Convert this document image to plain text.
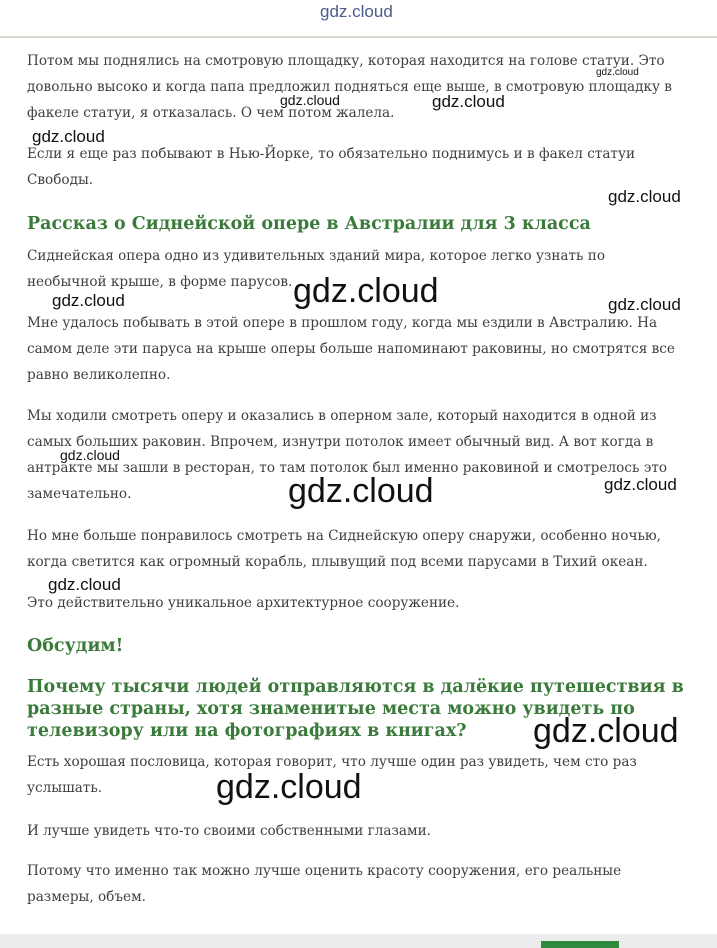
gdz.cloud

Потом мы поднялись на смотровую площадку, которая находится на голове статуи. Это довольно высоко и когда папа предложил подняться еще выше, в смотровую площадку в факеле статуи, я отказалась. О чем потом жалела.

Если я еще раз побывают в Нью-Йорке, то обязательно поднимусь и в факел статуи Свободы.

Рассказ о Сиднейской опере в Австралии для 3 класса

Сиднейская опера одно из удивительных зданий мира, которое легко узнать по необычной крыше, в форме парусов.

Мне удалось побывать в этой опере в прошлом году, когда мы ездили в Австралию. На самом деле эти паруса на крыше оперы больше напоминают раковины, но смотрятся все равно великолепно.

Мы ходили смотреть оперу и оказались в оперном зале, который находится в одной из самых больших раковин. Впрочем, изнутри потолок имеет обычный вид. А вот когда в антракте мы зашли в ресторан, то там потолок был именно раковиной и смотрелось это замечательно.

Но мне больше понравилось смотреть на Сиднейскую оперу снаружи, особенно ночью, когда светится как огромный корабль, плывущий под всеми парусами в Тихий океан.

Это действительно уникальное архитектурное сооружение.

Обсудим!
Почему тысячи людей отправляются в далёкие путешествия в разные страны, хотя знаменитые места можно увидеть по телевизору или на фотографиях в книгах?

Есть хорошая пословица, которая говорит, что лучше один раз увидеть, чем сто раз услышать.

И лучше увидеть что-то своими собственными глазами.

Потому что именно так можно лучше оценить красоту сооружения, его реальные размеры, объем.

gdz.cloud
gdz.cloud	gdz.cloud
gdz.cloud
gdz.cloud
gdz.cloud
gdz.cloud	gdz.cloud
gdz.cloud
gdz.cloud	gdz.cloud
gdz.cloud
gdz.cloud
gdz.cloud
